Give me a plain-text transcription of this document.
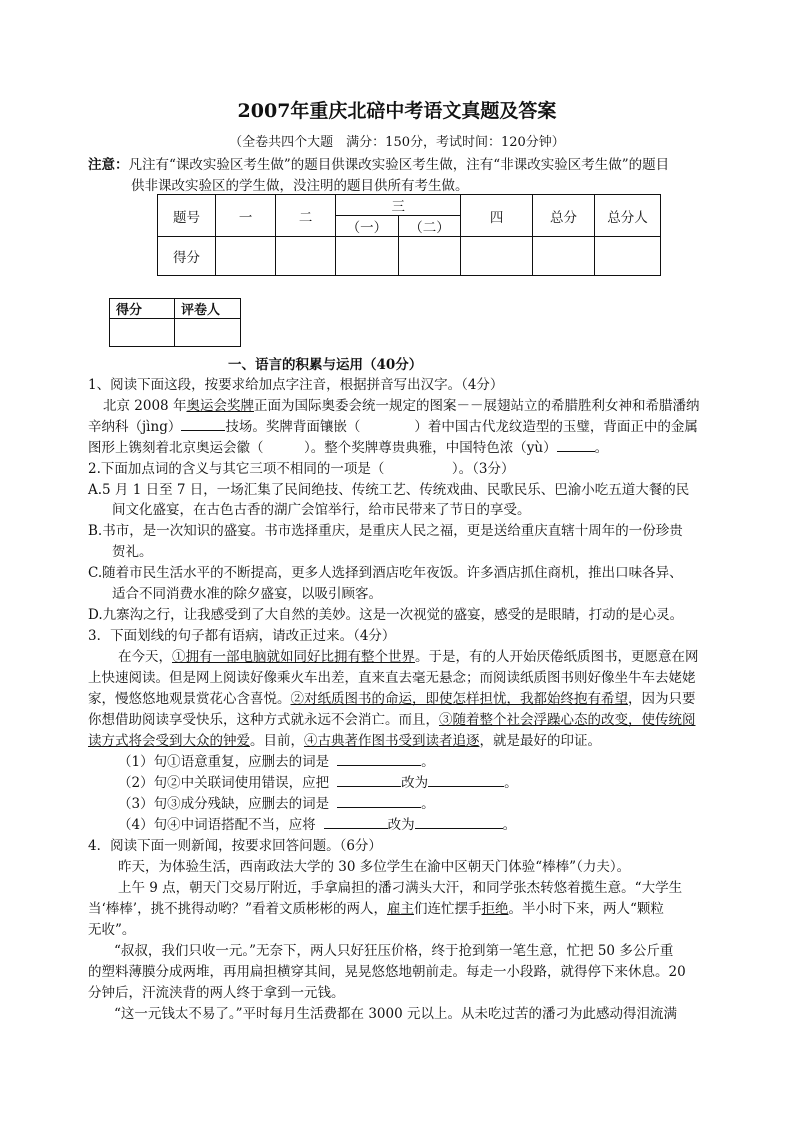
2007年重庆北碚中考语文真题及答案
（全卷共四个大题　满分：150分，考试时间：120分钟）
注意：凡注有“课改实验区考生做”的题目供课改实验区考生做，注有“非课改实验区考生做”的题目
供非课改实验区的学生做，没注明的题目供所有考生做。
题号	一	二	三		四	总分	总分人
			（一）	（二）			
得分							
得分	评卷人

一、语言的积累与运用（40分）
1、阅读下面这段，按要求给加点字注音，根据拼音写出汉字。（4分）
北京 2008 年奥运会奖牌正面为国际奥委会统一规定的图案－－展翅站立的希腊胜利女神和希腊潘纳
辛纳科（jìng）	技场。奖牌背面镶嵌（　　　　）着中国古代龙纹造型的玉璧，背面正中的金属
图形上镌刻着北京奥运会徽（　　　）。整个奖牌尊贵典雅，中国特色浓（yù）	。
2.下面加点词的含义与其它三项不相同的一项是（　　　　　）。（3分）
A.5 月 1 日至 7 日，一场汇集了民间绝技、传统工艺、传统戏曲、民歌民乐、巴渝小吃五道大餐的民
间文化盛宴，在古色古香的湖广会馆举行，给市民带来了节日的享受。
B.书市，是一次知识的盛宴。书市选择重庆，是重庆人民之福，更是送给重庆直辖十周年的一份珍贵
贺礼。
C.随着市民生活水平的不断提高，更多人选择到酒店吃年夜饭。许多酒店抓住商机，推出口味各异、
适合不同消费水准的除夕盛宴，以吸引顾客。
D.九寨沟之行，让我感受到了大自然的美妙。这是一次视觉的盛宴，感受的是眼睛，打动的是心灵。
3．下面划线的句子都有语病，请改正过来。（4分）
在今天，①拥有一部电脑就如同好比拥有整个世界。于是，有的人开始厌倦纸质图书，更愿意在网
上快速阅读。但是网上阅读好像乘火车出差，直来直去毫无悬念；而阅读纸质图书则好像坐牛车去姥姥
家，慢悠悠地观景赏花心含喜悦。②对纸质图书的命运，即使怎样担忧，我都始终抱有希望，因为只要
你想借助阅读享受快乐，这种方式就永远不会消亡。而且，③随着整个社会浮躁心态的改变，使传统阅
读方式将会受到大众的钟爱。目前，④古典著作图书受到读者追逐，就是最好的印证。
（1）句①语意重复，应删去的词是	。
（2）句②中关联词使用错误，应把	改为	。
（3）句③成分残缺，应删去的词是	。
（4）句④中词语搭配不当，应将	改为	。
4．阅读下面一则新闻，按要求回答问题。（6分）
昨天，为体验生活，西南政法大学的 30 多位学生在渝中区朝天门体验“棒棒”（力夫）。
上午 9 点，朝天门交易厅附近，手拿扁担的潘刁满头大汗，和同学张杰转悠着揽生意。“大学生
当‘棒棒’，挑不挑得动哟？”看着文质彬彬的两人，雇主们连忙摆手拒绝。半小时下来，两人“颗粒
无收”。
“叔叔，我们只收一元。”无奈下，两人只好狂压价格，终于抢到第一笔生意，忙把 50 多公斤重
的塑料薄膜分成两堆，再用扁担横穿其间，晃晃悠悠地朝前走。每走一小段路，就得停下来休息。20
分钟后，汗流浃背的两人终于拿到一元钱。
“这一元钱太不易了。”平时每月生活费都在 3000 元以上。从未吃过苦的潘刁为此感动得泪流满
